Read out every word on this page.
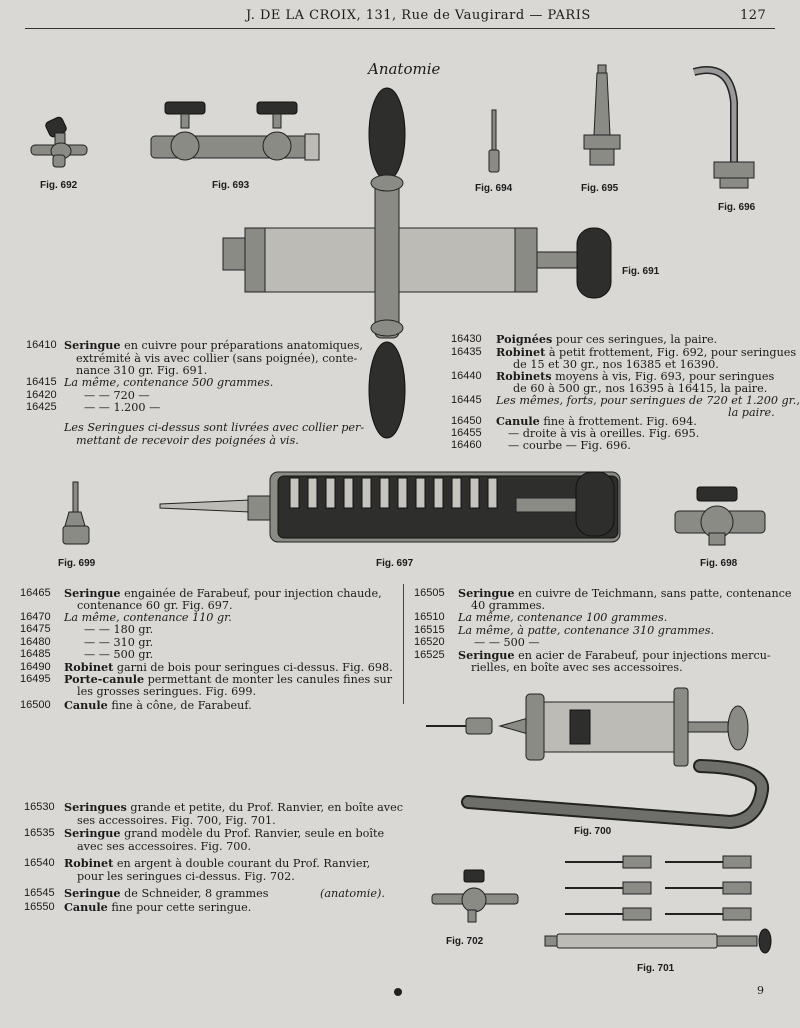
J. DE LA CROIX, 131, Rue de Vaugirard — PARIS	127
Anatomie
Fig. 692	Fig. 693	Fig. 694	Fig. 695
Fig. 696
Fig. 691
16410 Seringue en cuivre pour préparations anatomiques,
extrémité à vis avec collier (sans poignée), conte-
nance 310 gr. Fig. 691.
16415 La même, contenance 500 grammes.
16420 — — 720 —
16425 — — 1.200 —
Les Seringues ci-dessus sont livrées avec collier per-
mettant de recevoir des poignées à vis.
16430 Poignées pour ces seringues, la paire.
16435 Robinet à petit frottement, Fig. 692, pour seringues
de 15 et 30 gr., nos 16385 et 16390.
16440 Robinets moyens à vis, Fig. 693, pour seringues
de 60 à 500 gr., nos 16395 à 16415, la paire.
16445 Les mêmes, forts, pour seringues de 720 et 1.200 gr.,
la paire.
16450 Canule fine à frottement. Fig. 694.
16455 — droite à vis à oreilles. Fig. 695.
16460 — courbe — Fig. 696.
Fig. 699	Fig. 697	Fig. 698
16465 Seringue engainée de Farabeuf, pour injection chaude,
contenance 60 gr. Fig. 697.
16470 La même, contenance 110 gr.
16475	— — 180 gr.
16480	— — 310 gr.
16485	— — 500 gr.
16490 Robinet garni de bois pour seringues ci-dessus. Fig. 698.
16495 Porte-canule permettant de monter les canules fines sur
les grosses seringues. Fig. 699.
16500 Canule fine à cône, de Farabeuf.
16505 Seringue en cuivre de Teichmann, sans patte, contenance
40 grammes.
16510 La même, contenance 100 grammes.
16515 La même, à patte, contenance 310 grammes.
16520	— — 500 —
16525 Seringue en acier de Farabeuf, pour injections mercu-
rielles, en boîte avec ses accessoires.
Fig. 700
Fig. 702
Fig. 701
16530 Seringues grande et petite, du Prof. Ranvier, en boîte avec
ses accessoires. Fig. 700, Fig. 701.
16535 Seringue grand modèle du Prof. Ranvier, seule en boîte
avec ses accessoires. Fig. 700.
16540 Robinet en argent à double courant du Prof. Ranvier,
pour les seringues ci-dessus. Fig. 702.
16545 Seringue de Schneider, 8 grammes	(anatomie).
16550 Canule fine pour cette seringue.
9
